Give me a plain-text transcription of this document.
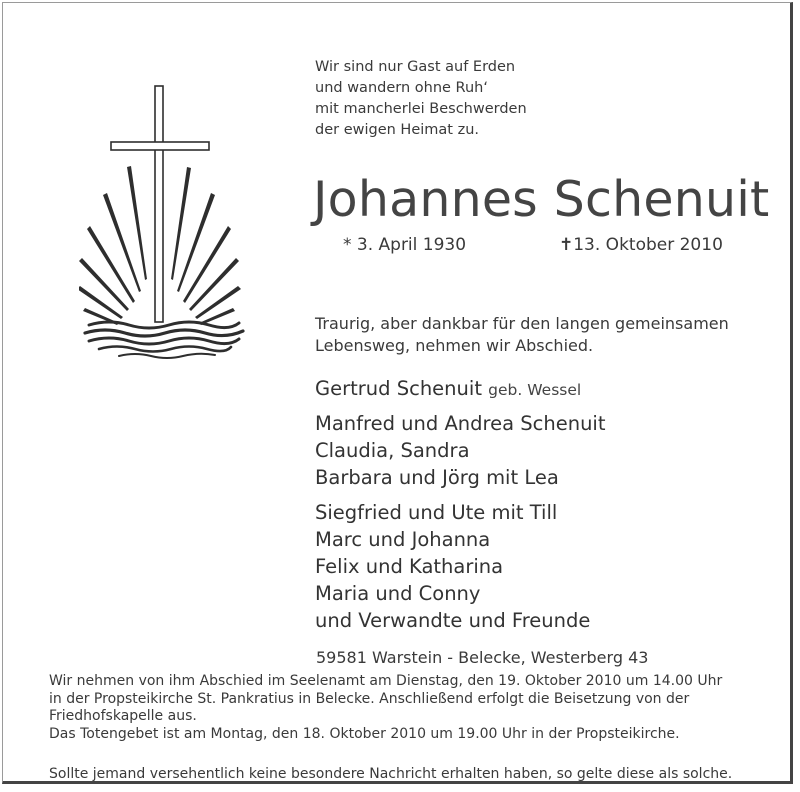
Wir sind nur Gast auf Erden
und wandern ohne Ruh‘
mit mancherlei Beschwerden
der ewigen Heimat zu.
Johannes Schenuit
* 3. April 1930	✝13. Oktober 2010
Traurig, aber dankbar für den langen gemeinsamen
Lebensweg, nehmen wir Abschied.
Gertrud Schenuit geb. Wessel
Manfred und Andrea Schenuit
Claudia, Sandra
Barbara und Jörg mit Lea
Siegfried und Ute mit Till
Marc und Johanna
Felix und Katharina
Maria und Conny
und Verwandte und Freunde
59581 Warstein - Belecke, Westerberg 43
Wir nehmen von ihm Abschied im Seelenamt am Dienstag, den 19. Oktober 2010 um 14.00 Uhr
in der Propsteikirche St. Pankratius in Belecke. Anschließend erfolgt die Beisetzung von der
Friedhofskapelle aus.
Das Totengebet ist am Montag, den 18. Oktober 2010 um 19.00 Uhr in der Propsteikirche.
Sollte jemand versehentlich keine besondere Nachricht erhalten haben, so gelte diese als solche.
